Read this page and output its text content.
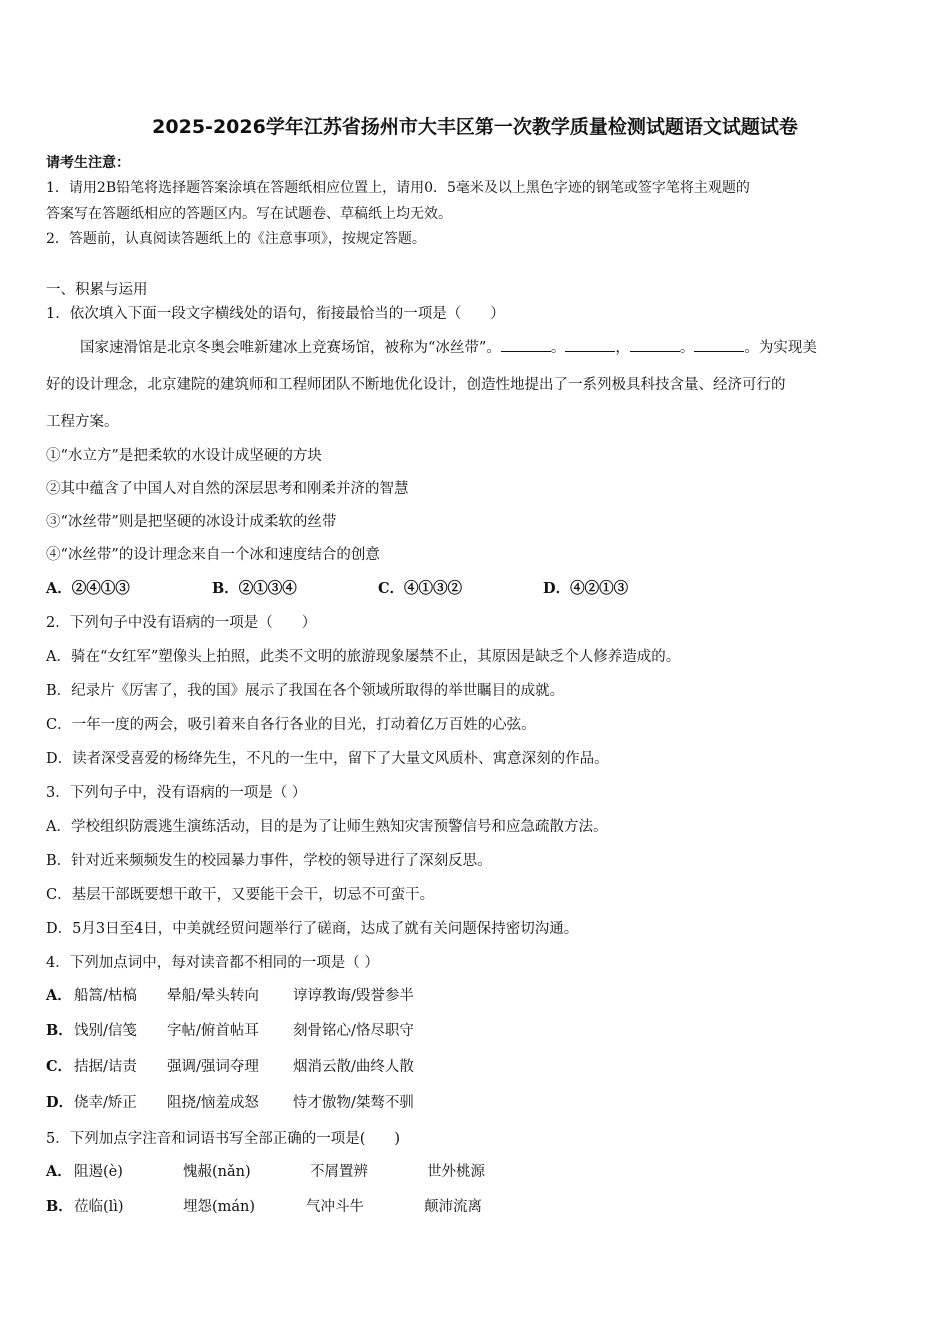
2025-2026学年江苏省扬州市大丰区第一次教学质量检测试题语文试题试卷
请考生注意：
1．请用2B铅笔将选择题答案涂填在答题纸相应位置上，请用0．5毫米及以上黑色字迹的钢笔或签字笔将主观题的
答案写在答题纸相应的答题区内。写在试题卷、草稿纸上均无效。
2．答题前，认真阅读答题纸上的《注意事项》，按规定答题。
一、积累与运用
1．依次填入下面一段文字横线处的语句，衔接最恰当的一项是（　　）
国家速滑馆是北京冬奥会唯新建冰上竞赛场馆，被称为“冰丝带”。	。	，	。	。为实现美
好的设计理念，北京建院的建筑师和工程师团队不断地优化设计，创造性地提出了一系列极具科技含量、经济可行的
工程方案。
①“水立方”是把柔软的水设计成坚硬的方块
②其中蕴含了中国人对自然的深层思考和刚柔并济的智慧
③“冰丝带”则是把坚硬的冰设计成柔软的丝带
④“冰丝带”的设计理念来自一个冰和速度结合的创意
A．②④①③	B．②①③④	C．④①③②	D．④②①③
2．下列句子中没有语病的一项是（　　）
A．骑在“女红军”塑像头上拍照，此类不文明的旅游现象屡禁不止，其原因是缺乏个人修养造成的。
B．纪录片《厉害了，我的国》展示了我国在各个领域所取得的举世瞩目的成就。
C．一年一度的两会，吸引着来自各行各业的目光，打动着亿万百姓的心弦。
D．读者深受喜爱的杨绛先生，不凡的一生中，留下了大量文风质朴、寓意深刻的作品。
3．下列句子中，没有语病的一项是（ ）
A．学校组织防震逃生演练活动，目的是为了让师生熟知灾害预警信号和应急疏散方法。
B．针对近来频频发生的校园暴力事件，学校的领导进行了深刻反思。
C．基层干部既要想干敢干，又要能干会干，切忌不可蛮干。
D．5月3日至4日，中美就经贸问题举行了磋商，达成了就有关问题保持密切沟通。
4．下列加点词中，每对读音都不相同的一项是（ ）
A． 船篙/枯槁 晕船/晕头转向 谆谆教诲/毁誉参半
B． 饯别/信笺 字帖/俯首帖耳 刻骨铭心/恪尽职守
C． 拮据/诘责 强调/强词夺理 烟消云散/曲终人散
D． 侥幸/矫正 阻挠/恼羞成怒 恃才傲物/桀骜不驯
5．下列加点字注音和词语书写全部正确的一项是(　　)
A． 阻遏(è)	愧赧(nǎn)	不屑置辨	世外桃源
B． 莅临(lì)	埋怨(mán)	气冲斗牛	颠沛流离
